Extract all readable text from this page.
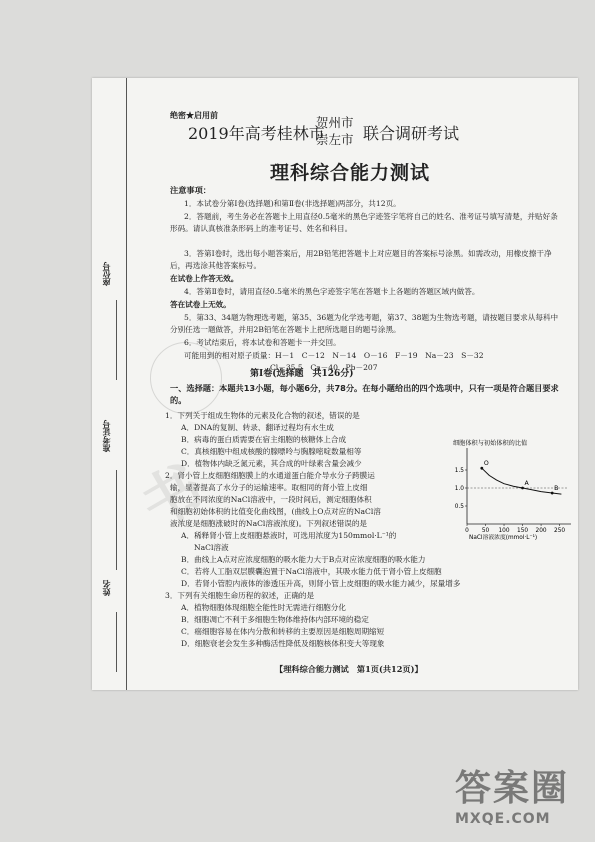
座位号
准考证号
姓名
绝密★启用前
2019年高考桂林市
贺州市
崇左市 联合调研考试
理科综合能力测试
注意事项：
1．本试卷分第Ⅰ卷(选择题)和第Ⅱ卷(非选择题)两部分，共12页。
2．答题前，考生务必在答题卡上用直径0.5毫米的黑色字迹签字笔将自己的姓名、准考证号填写清楚，并贴好条形码。请认真核准条形码上的准考证号、姓名和科目。
3．答第Ⅰ卷时，选出每小题答案后，用2B铅笔把答题卡上对应题目的答案标号涂黑。如需改动，用橡皮擦干净后，再选涂其他答案标号。
在试卷上作答无效。
4．答第Ⅱ卷时，请用直径0.5毫米的黑色字迹签字笔在答题卡上各题的答题区域内做答。
答在试卷上无效。
5．第33、34题为物理选考题，第35、36题为化学选考题，第37、38题为生物选考题，请按题目要求从每科中分别任选一题做答，并用2B铅笔在答题卡上把所选题目的题号涂黑。
6．考试结束后，将本试卷和答题卡一并交回。
可能用到的相对原子质量：H－1　C－12　N－14　O－16　F－19　Na－23　S－32
Cl－35.5　Ca－40　Pb－207
第Ⅰ卷(选择题　共126分)
一、选择题：本题共13小题，每小题6分，共78分。在每小题给出的四个选项中，只有一项是符合题目要求的。
1．下列关于组成生物体的元素及化合物的叙述，错误的是
A．DNA的复制、转录、翻译过程均有水生成
B．病毒的蛋白质需要在宿主细胞的核糖体上合成
C．真核细胞中组成核酸的腺嘌呤与胸腺嘧啶数量相等
D．植物体内缺乏氮元素，其合成的叶绿素含量会减少
2．肾小管上皮细胞细胞膜上的水通道蛋白能介导水分子跨膜运
输，显著提高了水分子的运输速率。取相同的肾小管上皮细
胞放在不同浓度的NaCl溶液中，一段时间后，测定细胞体积
和细胞初始体积的比值变化曲线图，(曲线上O点对应的NaCl溶
液浓度是细胞涨破时的NaCl溶液浓度)。下列叙述错误的是
A．稀释肾小管上皮细胞悬液时，可选用浓度为150mmol·L⁻¹的
NaCl溶液
B．曲线上A点对应浓度细胞的吸水能力大于B点对应浓度细胞的吸水能力
C．若将人工脂双层膜囊泡置于NaCl溶液中，其吸水能力低于肾小管上皮细胞
D．若肾小管腔内液体的渗透压升高，则肾小管上皮细胞的吸水能力减少，尿量增多
3．下列有关细胞生命历程的叙述，正确的是
A．植物细胞体现细胞全能性时无需进行细胞分化
B．细胞凋亡不利于多细胞生物体维持体内部环境的稳定
C．癌细胞容易在体内分散和转移的主要原因是细胞周期缩短
D．细胞衰老会发生多种酶活性降低及细胞核体积变大等现象
细胞体积与初始体积的比值
NaCl溶液浓度(mmol·L⁻¹)
0 50 100 150 200 250
0.5
1.0
1.5
O
A
B
【理科综合能力测试　第1页(共12页)】
书
答案圈
MXQE.COM
